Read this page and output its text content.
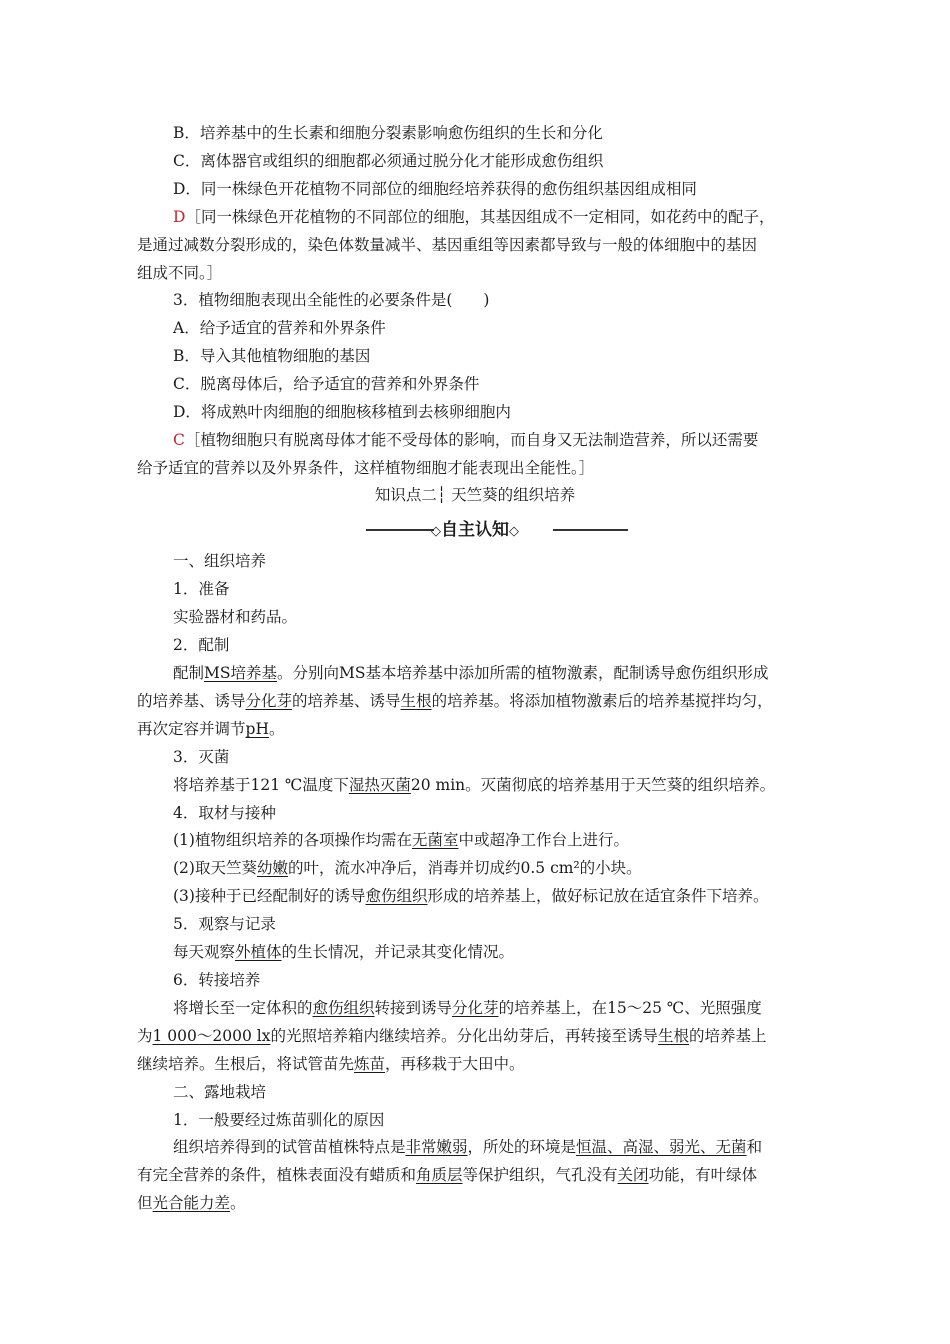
B．培养基中的生长素和细胞分裂素影响愈伤组织的生长和分化
C．离体器官或组织的细胞都必须通过脱分化才能形成愈伤组织
D．同一株绿色开花植物不同部位的细胞经培养获得的愈伤组织基因组成相同
D［同一株绿色开花植物的不同部位的细胞，其基因组成不一定相同，如花药中的配子，
是通过减数分裂形成的，染色体数量减半、基因重组等因素都导致与一般的体细胞中的基因
组成不同。］
3．植物细胞表现出全能性的必要条件是(　　)
A．给予适宜的营养和外界条件
B．导入其他植物细胞的基因
C．脱离母体后，给予适宜的营养和外界条件
D．将成熟叶肉细胞的细胞核移植到去核卵细胞内
C［植物细胞只有脱离母体才能不受母体的影响，而自身又无法制造营养，所以还需要
给予适宜的营养以及外界条件，这样植物细胞才能表现出全能性。］
知识点二┆ 天竺葵的组织培养
◇自主认知◇
一、组织培养
1．准备
实验器材和药品。
2．配制
配制MS培养基。分别向MS基本培养基中添加所需的植物激素，配制诱导愈伤组织形成
的培养基、诱导分化芽的培养基、诱导生根的培养基。将添加植物激素后的培养基搅拌均匀，
再次定容并调节pH。
3．灭菌
将培养基于121 ℃温度下湿热灭菌20 min。灭菌彻底的培养基用于天竺葵的组织培养。
4．取材与接种
(1)植物组织培养的各项操作均需在无菌室中或超净工作台上进行。
(2)取天竺葵幼嫩的叶，流水冲净后，消毒并切成约0.5 cm²的小块。
(3)接种于已经配制好的诱导愈伤组织形成的培养基上，做好标记放在适宜条件下培养。
5．观察与记录
每天观察外植体的生长情况，并记录其变化情况。
6．转接培养
将增长至一定体积的愈伤组织转接到诱导分化芽的培养基上，在15～25 ℃、光照强度
为1 000～2000 lx的光照培养箱内继续培养。分化出幼芽后，再转接至诱导生根的培养基上
继续培养。生根后，将试管苗先炼苗，再移栽于大田中。
二、露地栽培
1．一般要经过炼苗驯化的原因
组织培养得到的试管苗植株特点是非常嫩弱，所处的环境是恒温、高湿、弱光、无菌和
有完全营养的条件，植株表面没有蜡质和角质层等保护组织，气孔没有关闭功能，有叶绿体
但光合能力差。
